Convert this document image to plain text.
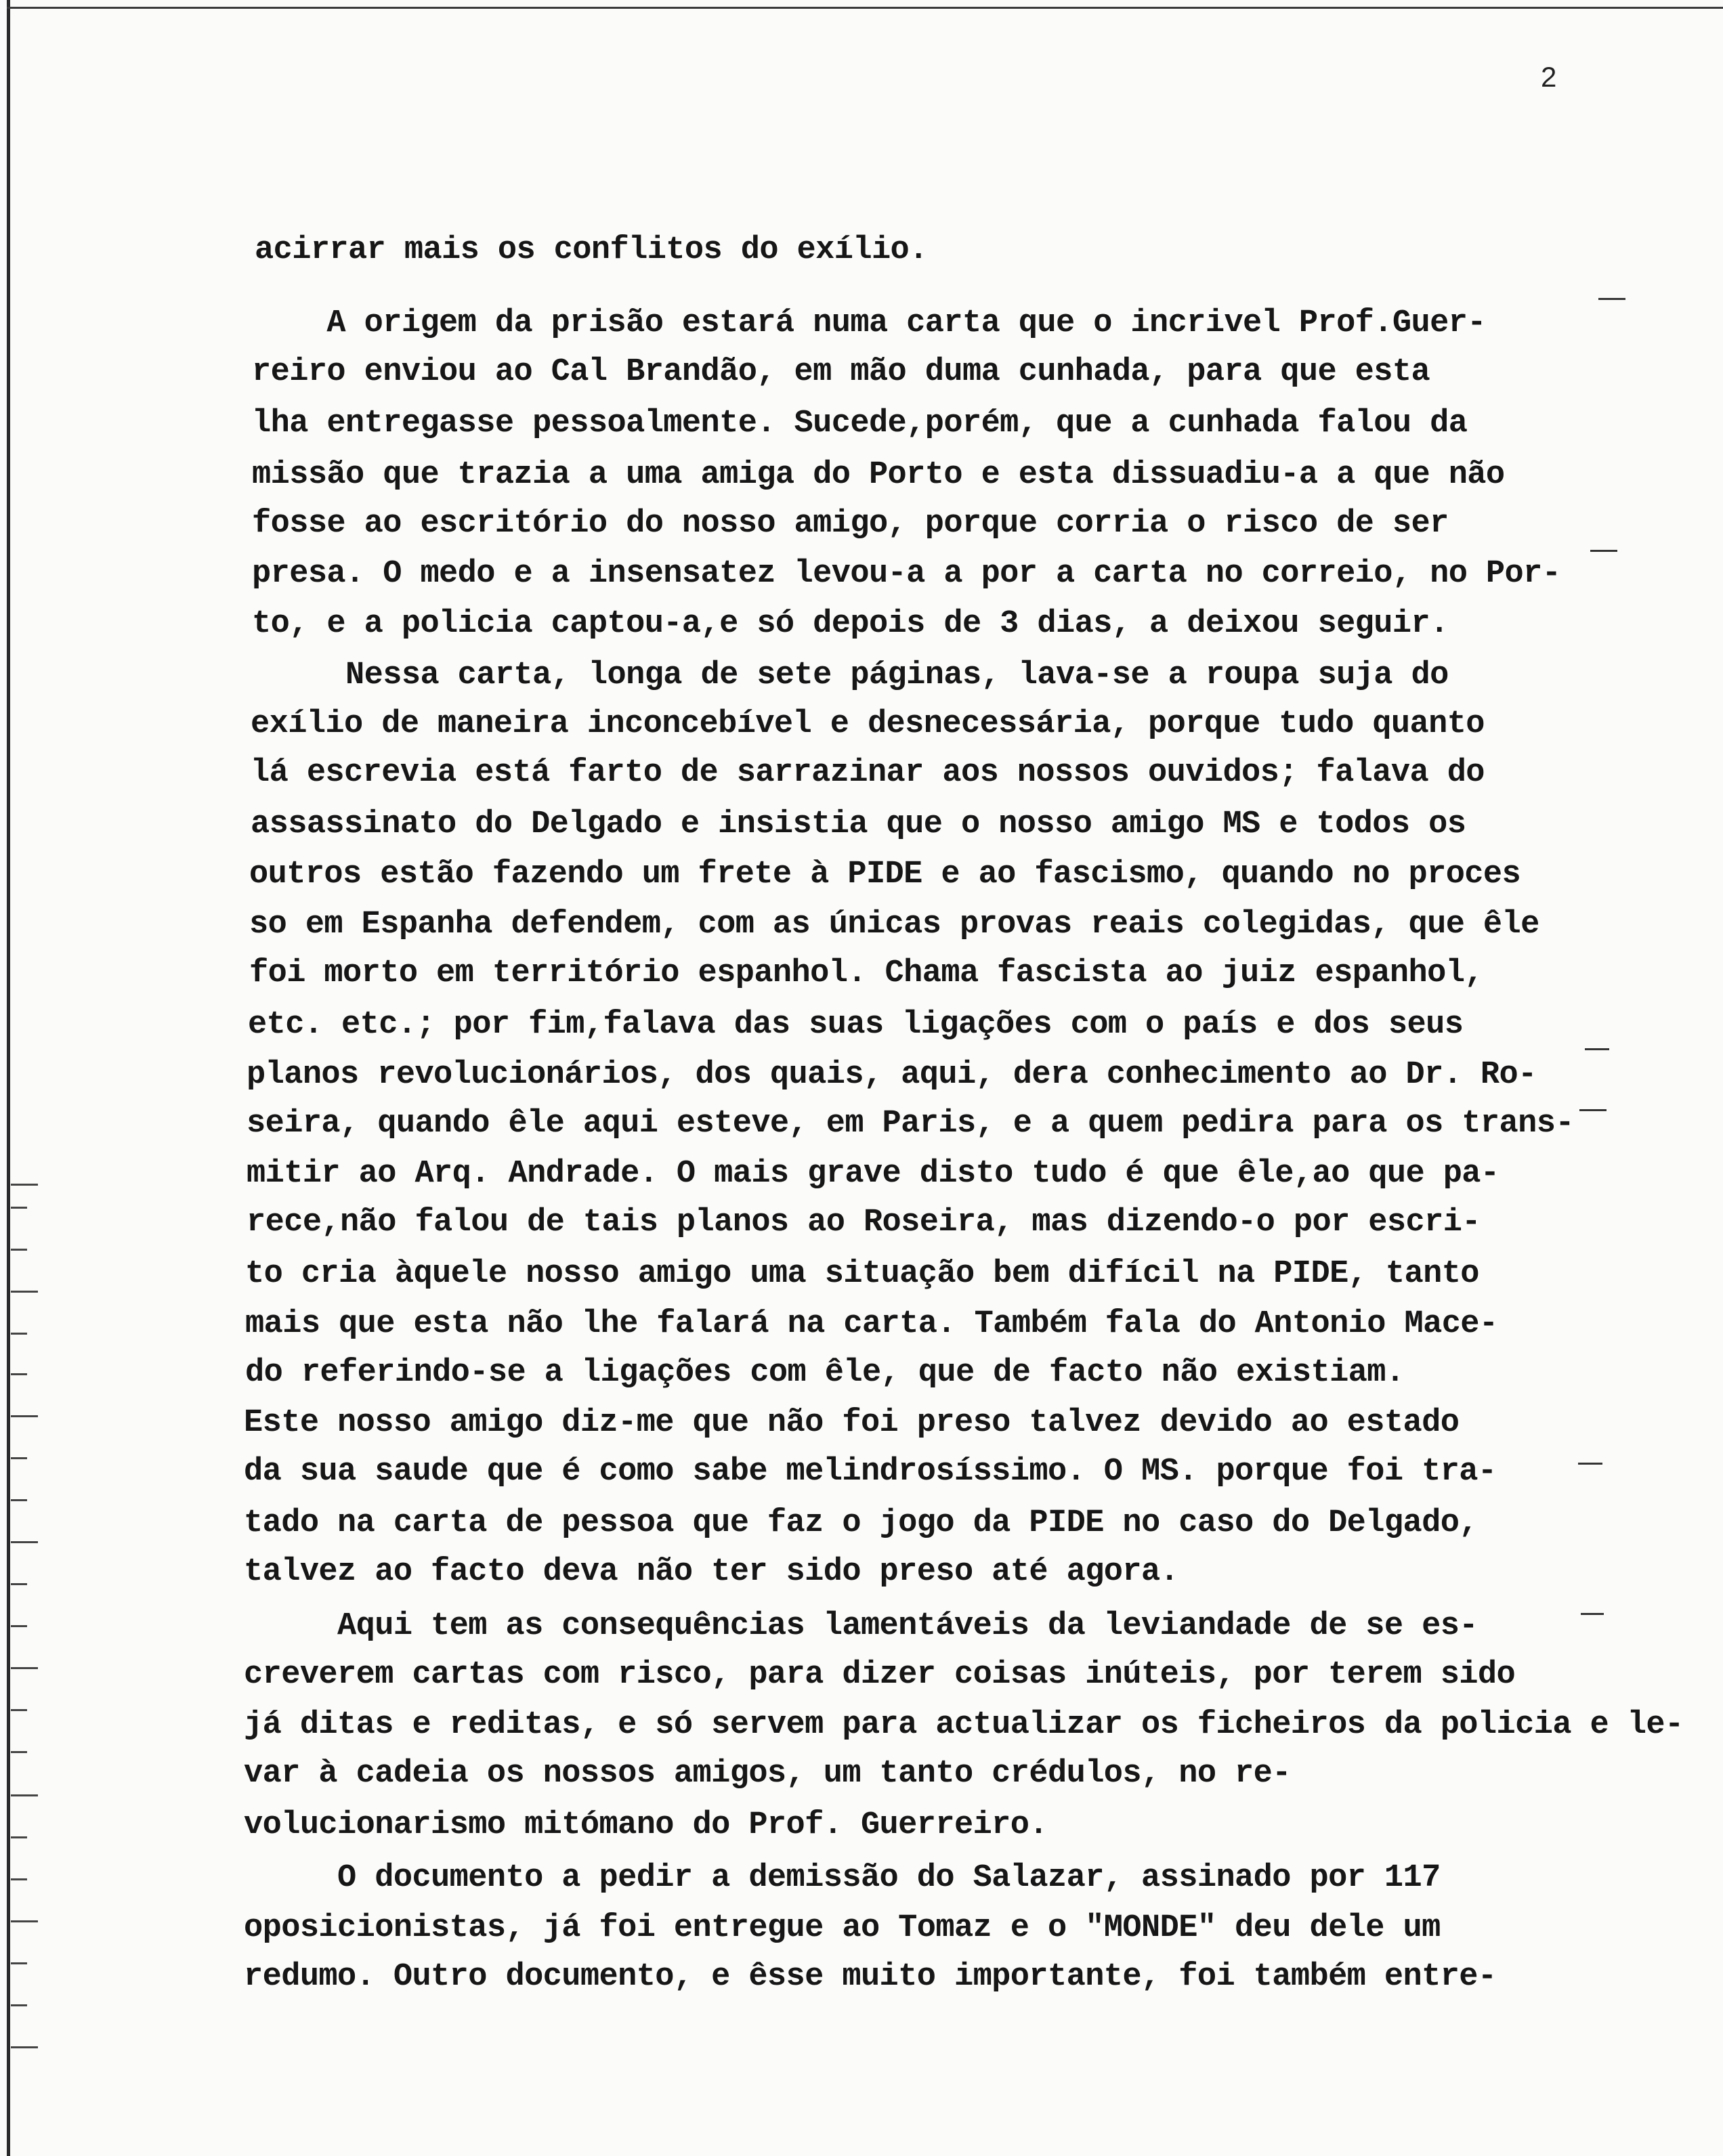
2
acirrar mais os conflitos do exílio.
A origem da prisão estará numa carta que o incrivel Prof.Guer-
reiro enviou ao Cal Brandão, em mão duma cunhada, para que esta
lha entregasse pessoalmente. Sucede,porém, que a cunhada falou da
missão que trazia a uma amiga do Porto e esta dissuadiu-a a que não
fosse ao escritório do nosso amigo, porque corria o risco de ser
presa. O medo e a insensatez levou-a a por a carta no correio, no Por-
to, e a policia captou-a,e só depois de 3 dias, a deixou seguir.
Nessa carta, longa de sete páginas, lava-se a roupa suja do
exílio de maneira inconcebível e desnecessária, porque tudo quanto
lá escrevia está farto de sarrazinar aos nossos ouvidos; falava do
assassinato do Delgado e insistia que o nosso amigo MS e todos os
outros estão fazendo um frete à PIDE e ao fascismo, quando no proces
so em Espanha defendem, com as únicas provas reais colegidas, que êle
foi morto em território espanhol. Chama fascista ao juiz espanhol,
etc. etc.; por fim,falava das suas ligações com o país e dos seus
planos revolucionários, dos quais, aqui, dera conhecimento ao Dr. Ro-
seira, quando êle aqui esteve, em Paris, e a quem pedira para os trans-
mitir ao Arq. Andrade. O mais grave disto tudo é que êle,ao que pa-
rece,não falou de tais planos ao Roseira, mas dizendo-o por escri-
to cria àquele nosso amigo uma situação bem difícil na PIDE, tanto
mais que esta não lhe falará na carta. Também fala do Antonio Mace-
do referindo-se a ligações com êle, que de facto não existiam.
Este nosso amigo diz-me que não foi preso talvez devido ao estado
da sua saude que é como sabe melindrosíssimo. O MS. porque foi tra-
tado na carta de pessoa que faz o jogo da PIDE no caso do Delgado,
talvez ao facto deva não ter sido preso até agora.
Aqui tem as consequências lamentáveis da leviandade de se es-
creverem cartas com risco, para dizer coisas inúteis, por terem sido
já ditas e reditas, e só servem para actualizar os ficheiros da policia e le-
var à cadeia os nossos amigos, um tanto crédulos, no re-
volucionarismo mitómano do Prof. Guerreiro.
O documento a pedir a demissão do Salazar, assinado por 117
oposicionistas, já foi entregue ao Tomaz e o "MONDE" deu dele um
redumo. Outro documento, e êsse muito importante, foi também entre-
